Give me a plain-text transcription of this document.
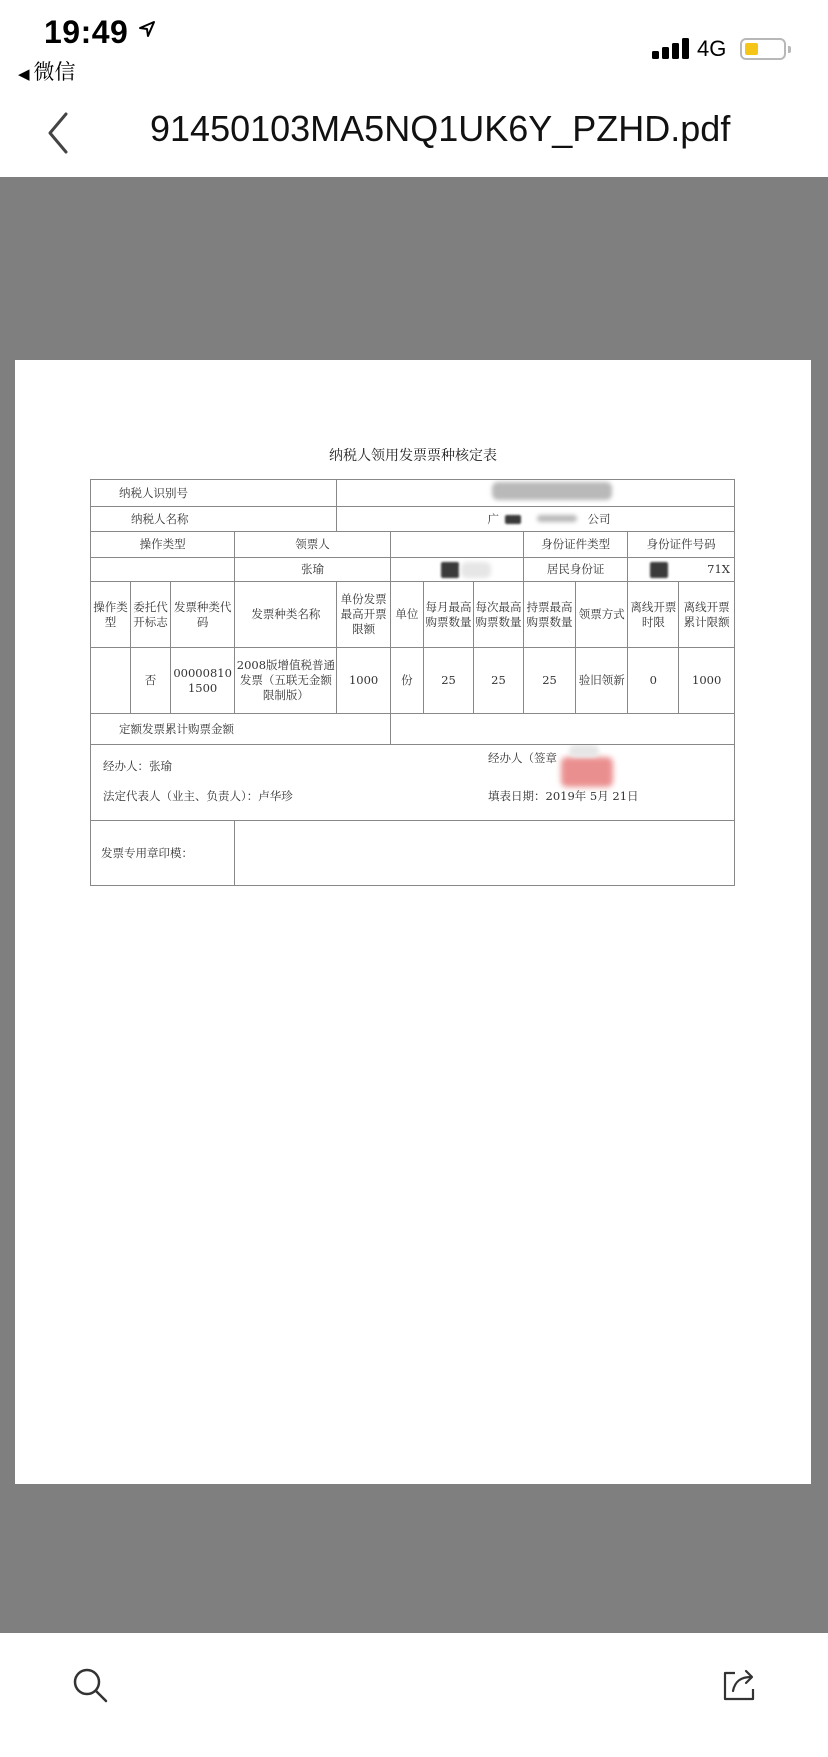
19:49
◀ 微信
4G
91450103MA5NQ1UK6Y_PZHD.pdf
纳税人领用发票票种核定表
纳税人识别号											

纳税人名称				广 公司							

操作类型			领票人					身份证件类型		身份证件号码	
			张瑜					居民身份证		71X	
操作类型	委托代开标志	发票种类代码	发票种类名称	单份发票最高开票限额	单位	每月最高购票数量	每次最高购票数量	持票最高购票数量	领票方式	离线开票时限	离线开票累计限额
	否	000008101500	2008版增值税普通发票（五联无金额限制版）	1000	份	25	25	25	验旧领新	0	1000
定额发票累计购票金额											

经办人：张瑜
经办人（签章
法定代表人（业主、负责人）：卢华珍 填表日期：2019年 5月 21日											

发票专用章印模：											
